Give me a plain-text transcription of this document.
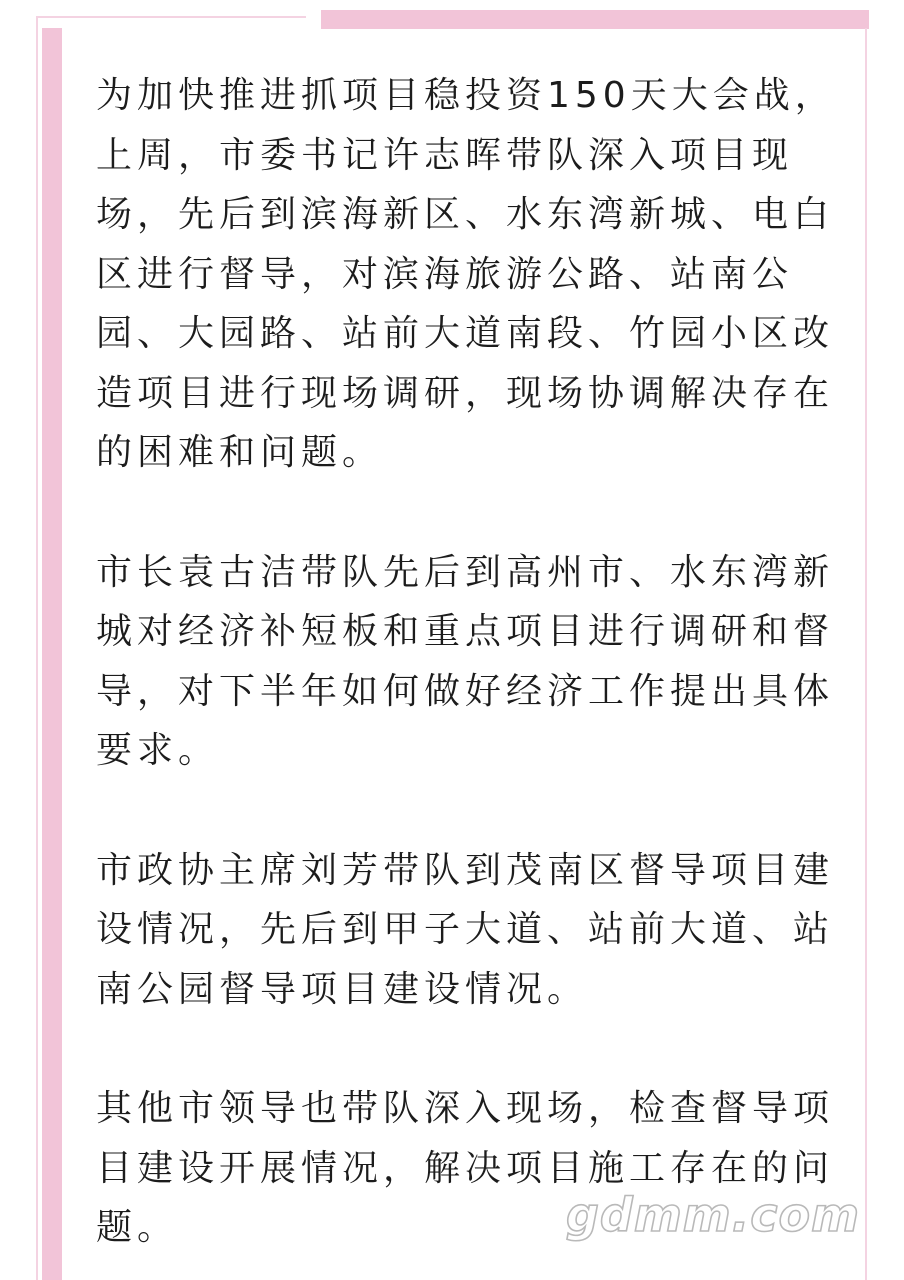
为加快推进抓项目稳投资150天大会战，上周，市委书记许志晖带队深入项目现场，先后到滨海新区、水东湾新城、电白区进行督导，对滨海旅游公路、站南公园、大园路、站前大道南段、竹园小区改造项目进行现场调研，现场协调解决存在的困难和问题。

市长袁古洁带队先后到高州市、水东湾新城对经济补短板和重点项目进行调研和督导，对下半年如何做好经济工作提出具体要求。

市政协主席刘芳带队到茂南区督导项目建设情况，先后到甲子大道、站前大道、站南公园督导项目建设情况。

其他市领导也带队深入现场，检查督导项目建设开展情况，解决项目施工存在的问题。	gdmm.com
